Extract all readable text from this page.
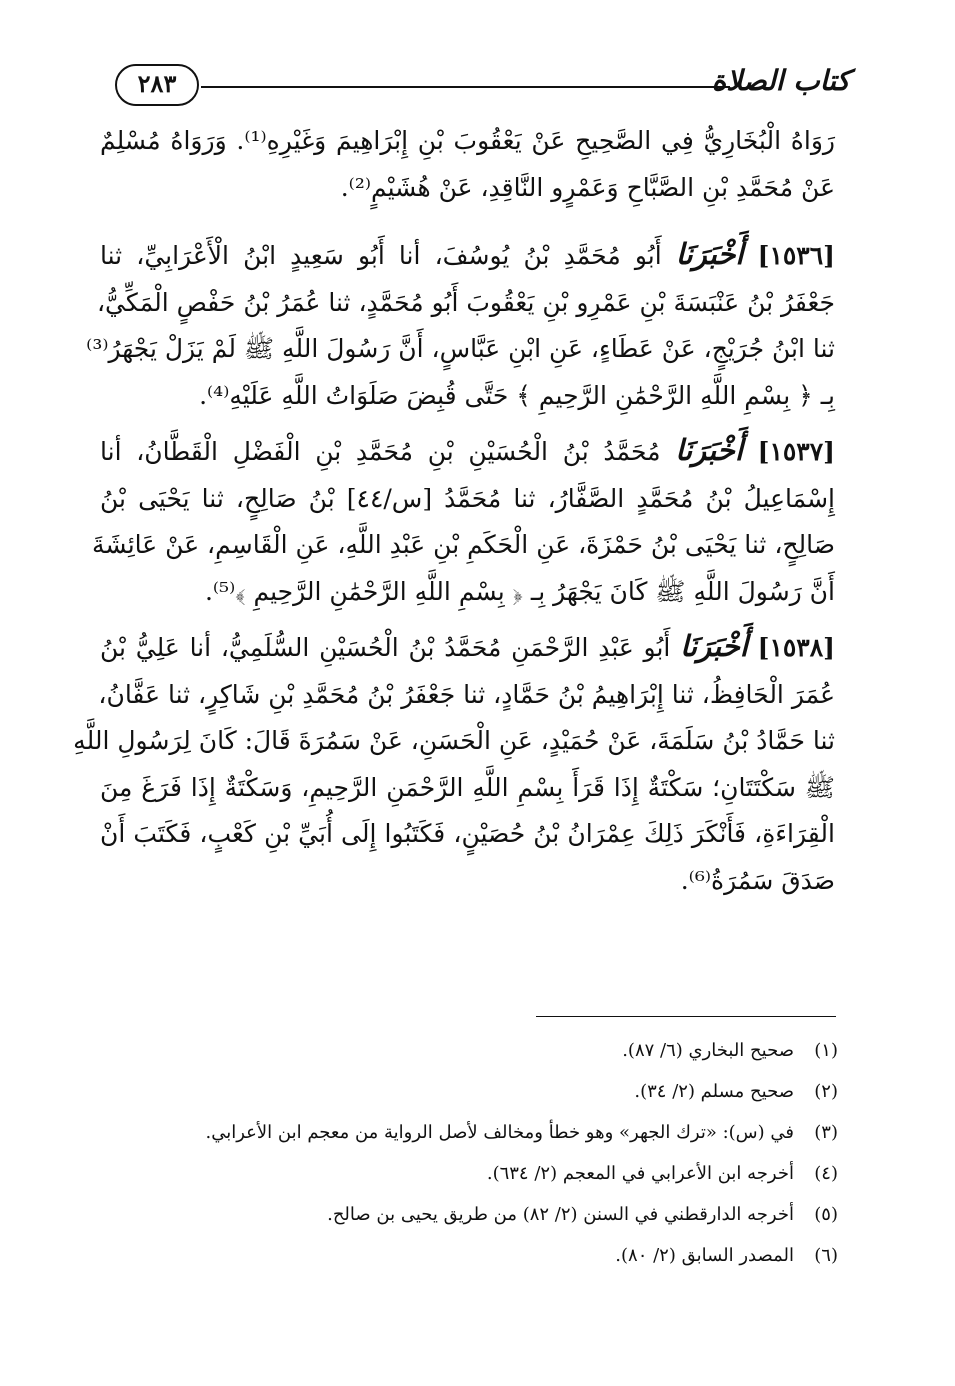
٢٨٣	كتاب الصلاة
رَوَاهُ الْبُخَارِيُّ فِي الصَّحِيحِ عَنْ يَعْقُوبَ بْنِ إِبْرَاهِيمَ وَغَيْرِهِ⁽¹⁾. وَرَوَاهُ مُسْلِمٌ
عَنْ مُحَمَّدِ بْنِ الصَّبَّاحِ وَعَمْرٍو النَّاقِدِ، عَنْ هُشَيْمٍ⁽²⁾.
[١٥٣٦] أَخْبَرَنَا أَبُو مُحَمَّدِ بْنُ يُوسُفَ، أنا أَبُو سَعِيدٍ ابْنُ الْأَعْرَابِيِّ، ثنا
جَعْفَرُ بْنُ عَنْبَسَةَ بْنِ عَمْرِو بْنِ يَعْقُوبَ أَبُو مُحَمَّدٍ، ثنا عُمَرُ بْنُ حَفْصٍ الْمَكِّيُّ،
ثنا ابْنُ جُرَيْجٍ، عَنْ عَطَاءٍ، عَنِ ابْنِ عَبَّاسٍ، أَنَّ رَسُولَ اللَّهِ ﷺ لَمْ يَزَلْ يَجْهَرُ⁽³⁾
بِـ ﴿ بِسْمِ اللَّهِ الرَّحْمَٰنِ الرَّحِيمِ ﴾ حَتَّى قُبِضَ صَلَوَاتُ اللَّهِ عَلَيْهِ⁽⁴⁾.
[١٥٣٧] أَخْبَرَنَا مُحَمَّدُ بْنُ الْحُسَيْنِ بْنِ مُحَمَّدِ بْنِ الْفَضْلِ الْقَطَّانُ، أنا
إِسْمَاعِيلُ بْنُ مُحَمَّدٍ الصَّفَّارُ، ثنا مُحَمَّدُ [س/٤٤] بْنُ صَالِحٍ، ثنا يَحْيَى بْنُ
صَالِحٍ، ثنا يَحْيَى بْنُ حَمْزَةَ، عَنِ الْحَكَمِ بْنِ عَبْدِ اللَّهِ، عَنِ الْقَاسِمِ، عَنْ عَائِشَةَ
أَنَّ رَسُولَ اللَّهِ ﷺ كَانَ يَجْهَرُ بِـ ﴿ بِسْمِ اللَّهِ الرَّحْمَٰنِ الرَّحِيمِ ﴾⁽⁵⁾.
[١٥٣٨] أَخْبَرَنَا أَبُو عَبْدِ الرَّحْمَنِ مُحَمَّدُ بْنُ الْحُسَيْنِ السُّلَمِيُّ، أنا عَلِيُّ بْنُ
عُمَرَ الْحَافِظُ، ثنا إِبْرَاهِيمُ بْنُ حَمَّادٍ، ثنا جَعْفَرُ بْنُ مُحَمَّدِ بْنِ شَاكِرٍ، ثنا عَفَّانُ،
ثنا حَمَّادُ بْنُ سَلَمَةَ، عَنْ حُمَيْدٍ، عَنِ الْحَسَنِ، عَنْ سَمُرَةَ قَالَ: كَانَ لِرَسُولِ اللَّهِ
ﷺ سَكْتَتَانِ؛ سَكْتَةٌ إِذَا قَرَأَ بِسْمِ اللَّهِ الرَّحْمَنِ الرَّحِيمِ، وَسَكْتَةٌ إِذَا فَرَغَ مِنَ
الْقِرَاءَةِ، فَأَنْكَرَ ذَلِكَ عِمْرَانُ بْنُ حُصَيْنٍ، فَكَتَبُوا إِلَى أُبَيِّ بْنِ كَعْبٍ، فَكَتَبَ أَنْ
صَدَقَ سَمُرَةُ⁽⁶⁾.
(١)
صحيح البخاري (٦/ ٨٧).
(٢)
صحيح مسلم (٢/ ٣٤).
(٣)
في (س): «ترك الجهر» وهو خطأ ومخالف لأصل الرواية من معجم ابن الأعرابي.
(٤)
أخرجه ابن الأعرابي في المعجم (٢/ ٦٣٤).
(٥)
أخرجه الدارقطني في السنن (٢/ ٨٢) من طريق يحيى بن صالح.
(٦)
المصدر السابق (٢/ ٨٠).
